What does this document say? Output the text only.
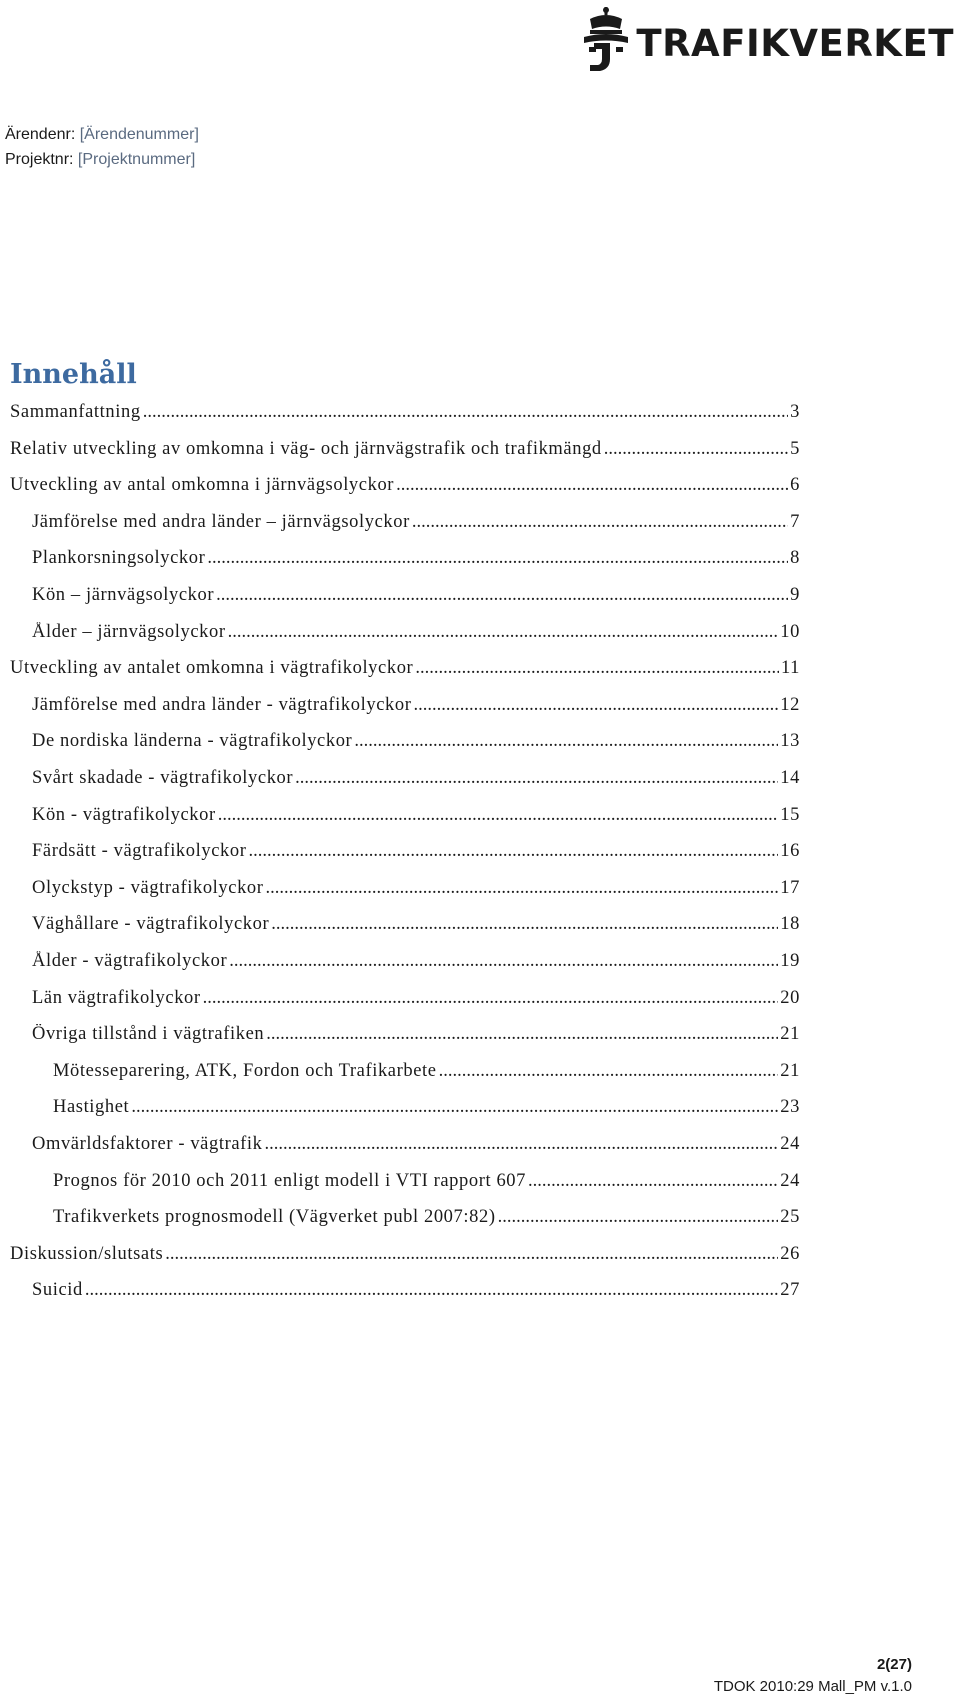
TRAFIKVERKET
Ärendenr: [Ärendenummer]
Projektnr: [Projektnummer]
Innehåll
Sammanfattning .....	3
Relativ utveckling av omkomna i väg- och järnvägstrafik och trafikmängd .....	5
Utveckling av antal omkomna i järnvägsolyckor .....	6
Jämförelse med andra länder – järnvägsolyckor .....	7
Plankorsningsolyckor .....	8
Kön – järnvägsolyckor .....	9
Ålder – järnvägsolyckor .....	10
Utveckling av antalet omkomna i vägtrafikolyckor .....	11
Jämförelse med andra länder - vägtrafikolyckor .....	12
De nordiska länderna - vägtrafikolyckor .....	13
Svårt skadade - vägtrafikolyckor .....	14
Kön - vägtrafikolyckor .....	15
Färdsätt - vägtrafikolyckor .....	16
Olyckstyp - vägtrafikolyckor .....	17
Väghållare - vägtrafikolyckor .....	18
Ålder - vägtrafikolyckor .....	19
Län vägtrafikolyckor .....	20
Övriga tillstånd i vägtrafiken .....	21
Mötesseparering, ATK, Fordon och Trafikarbete .....	21
Hastighet .....	23
Omvärldsfaktorer - vägtrafik .....	24
Prognos för 2010 och 2011 enligt modell i VTI rapport 607 .....	24
Trafikverkets prognosmodell (Vägverket publ 2007:82) .....	25
Diskussion/slutsats .....	26
Suicid .....	27
2(27)
TDOK 2010:29 Mall_PM v.1.0
